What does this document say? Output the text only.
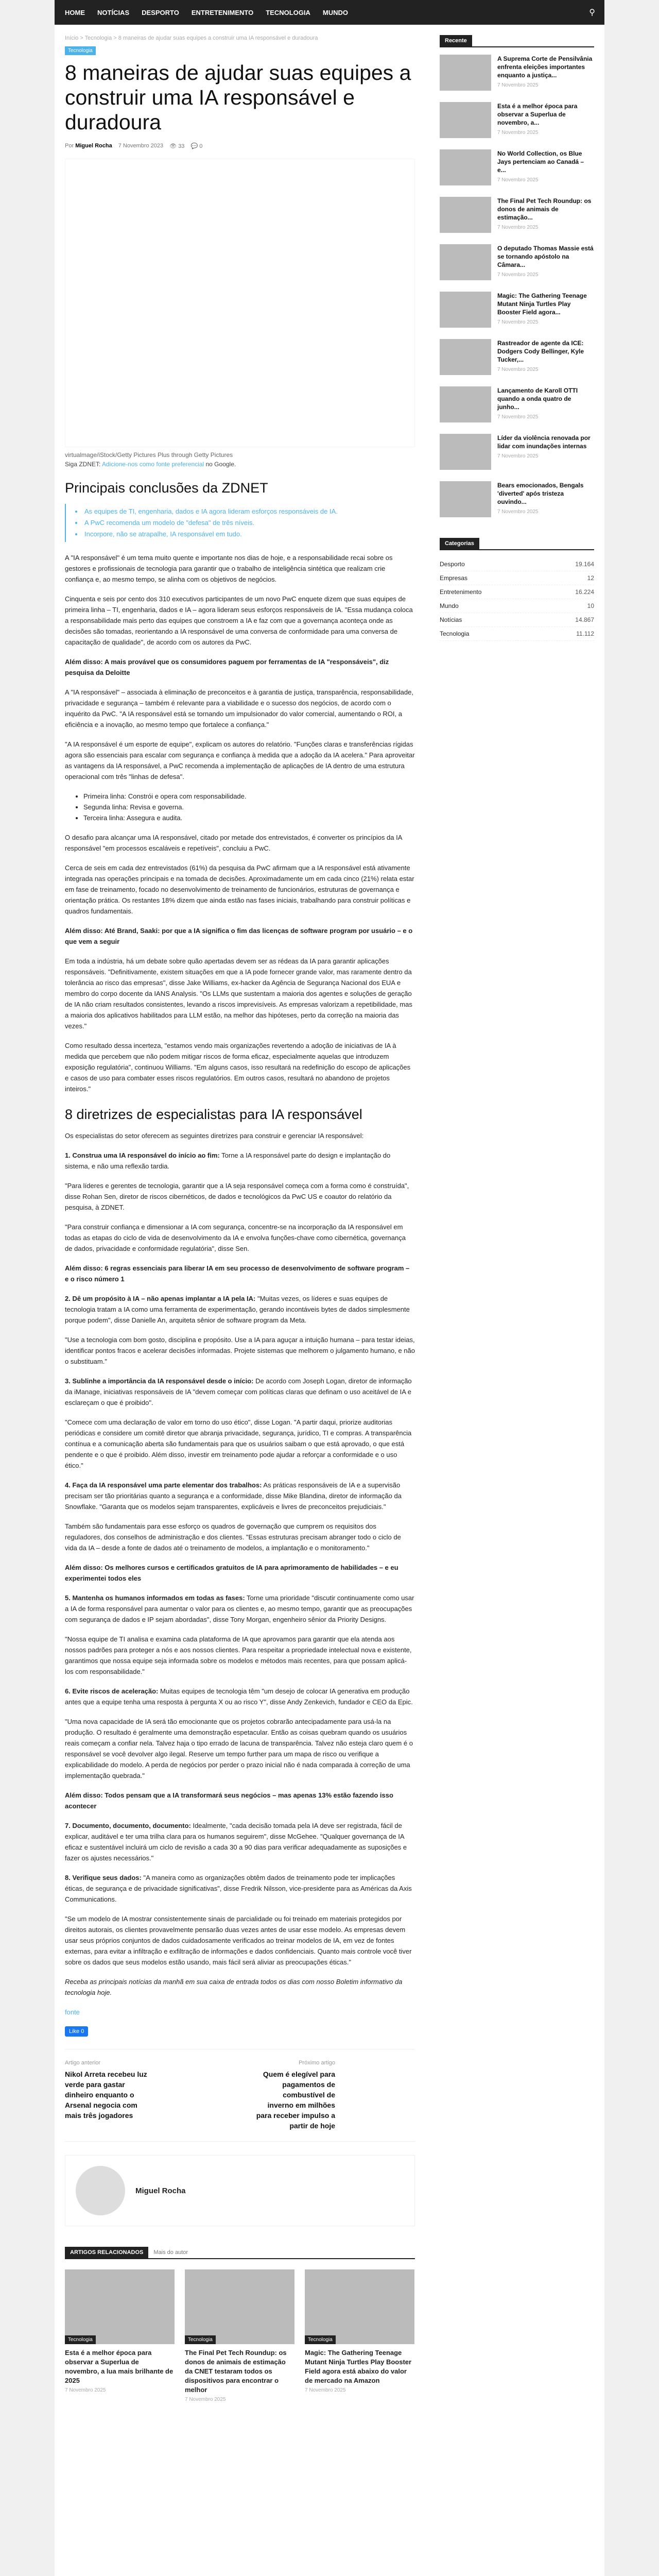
HOME NOTÍCIAS DESPORTO ENTRETENIMENTO TECNOLOGIA MUNDO	⚲
Início > Tecnologia > 8 maneiras de ajudar suas equipes a construir uma IA responsável e duradoura
Tecnologia
8 maneiras de ajudar suas equipes a construir uma IA responsável e duradoura
Por Miguel Rocha 7 Novembro 2023 👁 33 💬 0
virtualmage/iStock/Getty Pictures Plus through Getty Pictures
Siga ZDNET: Adicione-nos como fonte preferencial no Google.
Principais conclusões da ZDNET
• As equipes de TI, engenharia, dados e IA agora lideram esforços responsáveis de IA.
• A PwC recomenda um modelo de "defesa" de três níveis.
• Incorpore, não se atrapalhe, IA responsável em tudo.

A "IA responsável" é um tema muito quente e importante nos dias de hoje, e a responsabilidade recai sobre os gestores e profissionais de tecnologia para garantir que o trabalho de inteligência sintética que realizam crie confiança e, ao mesmo tempo, se alinha com os objetivos de negócios.

Cinquenta e seis por cento dos 310 executivos participantes de um novo PwC enquete dizem que suas equipes de primeira linha – TI, engenharia, dados e IA – agora lideram seus esforços responsáveis de IA. "Essa mudança coloca a responsabilidade mais perto das equipes que constroem a IA e faz com que a governança aconteça onde as decisões são tomadas, reorientando a IA responsável de uma conversa de conformidade para uma conversa de capacitação de qualidade", de acordo com os autores da PwC.

Além disso: A mais provável que os consumidores paguem por ferramentas de IA "responsáveis", diz pesquisa da Deloitte

A "IA responsável" – associada à eliminação de preconceitos e à garantia de justiça, transparência, responsabilidade, privacidade e segurança – também é relevante para a viabilidade e o sucesso dos negócios, de acordo com o inquérito da PwC. "A IA responsável está se tornando um impulsionador do valor comercial, aumentando o ROI, a eficiência e a inovação, ao mesmo tempo que fortalece a confiança."

"A IA responsável é um esporte de equipe", explicam os autores do relatório. "Funções claras e transferências rígidas agora são essenciais para escalar com segurança e confiança à medida que a adoção da IA acelera." Para aproveitar as vantagens da IA responsável, a PwC recomenda a implementação de aplicações de IA dentro de uma estrutura operacional com três "linhas de defesa".

• Primeira linha: Constrói e opera com responsabilidade.
• Segunda linha: Revisa e governa.
• Terceira linha: Assegura e audita.

O desafio para alcançar uma IA responsável, citado por metade dos entrevistados, é converter os princípios da IA responsável "em processos escaláveis e repetíveis", concluiu a PwC.

Cerca de seis em cada dez entrevistados (61%) da pesquisa da PwC afirmam que a IA responsável está ativamente integrada nas operações principais e na tomada de decisões. Aproximadamente um em cada cinco (21%) relata estar em fase de treinamento, focado no desenvolvimento de treinamento de funcionários, estruturas de governança e orientação prática. Os restantes 18% dizem que ainda estão nas fases iniciais, trabalhando para construir políticas e quadros fundamentais.

Além disso: Até Brand, Saaki: por que a IA significa o fim das licenças de software program por usuário – e o que vem a seguir

Em toda a indústria, há um debate sobre quão apertadas devem ser as rédeas da IA para garantir aplicações responsáveis. "Definitivamente, existem situações em que a IA pode fornecer grande valor, mas raramente dentro da tolerância ao risco das empresas", disse Jake Williams, ex-hacker da Agência de Segurança Nacional dos EUA e membro do corpo docente da IANS Analysis. "Os LLMs que sustentam a maioria dos agentes e soluções de geração de IA não criam resultados consistentes, levando a riscos imprevisíveis. As empresas valorizam a repetibilidade, mas a maioria dos aplicativos habilitados para LLM estão, na melhor das hipóteses, perto da correção na maioria das vezes."

Como resultado dessa incerteza, "estamos vendo mais organizações revertendo a adoção de iniciativas de IA à medida que percebem que não podem mitigar riscos de forma eficaz, especialmente aquelas que introduzem exposição regulatória", continuou Williams. "Em alguns casos, isso resultará na redefinição do escopo de aplicações e casos de uso para combater esses riscos regulatórios. Em outros casos, resultará no abandono de projetos inteiros."

8 diretrizes de especialistas para IA responsável

Os especialistas do setor oferecem as seguintes diretrizes para construir e gerenciar IA responsável:

1. Construa uma IA responsável do início ao fim: Torne a IA responsável parte do design e implantação do sistema, e não uma reflexão tardia.

"Para líderes e gerentes de tecnologia, garantir que a IA seja responsável começa com a forma como é construída", disse Rohan Sen, diretor de riscos cibernéticos, de dados e tecnológicos da PwC US e coautor do relatório da pesquisa, à ZDNET.

"Para construir confiança e dimensionar a IA com segurança, concentre-se na incorporação da IA responsável em todas as etapas do ciclo de vida de desenvolvimento da IA e envolva funções-chave como cibernética, governança de dados, privacidade e conformidade regulatória", disse Sen.

Além disso: 6 regras essenciais para liberar IA em seu processo de desenvolvimento de software program – e o risco número 1

2. Dê um propósito à IA – não apenas implantar a IA pela IA: "Muitas vezes, os líderes e suas equipes de tecnologia tratam a IA como uma ferramenta de experimentação, gerando incontáveis bytes de dados simplesmente porque podem", disse Danielle An, arquiteta sênior de software program da Meta.

"Use a tecnologia com bom gosto, disciplina e propósito. Use a IA para aguçar a intuição humana – para testar ideias, identificar pontos fracos e acelerar decisões informadas. Projete sistemas que melhorem o julgamento humano, e não o substituam."

3. Sublinhe a importância da IA responsável desde o início: De acordo com Joseph Logan, diretor de informação da iManage, iniciativas responsáveis de IA "devem começar com políticas claras que definam o uso aceitável de IA e esclareçam o que é proibido".

"Comece com uma declaração de valor em torno do uso ético", disse Logan. "A partir daqui, priorize auditorias periódicas e considere um comitê diretor que abranja privacidade, segurança, jurídico, TI e compras. A transparência contínua e a comunicação aberta são fundamentais para que os usuários saibam o que está aprovado, o que está pendente e o que é proibido. Além disso, investir em treinamento pode ajudar a reforçar a conformidade e o uso ético."

4. Faça da IA responsável uma parte elementar dos trabalhos: As práticas responsáveis de IA e a supervisão precisam ser tão prioritárias quanto a segurança e a conformidade, disse Mike Blandina, diretor de informação da Snowflake. "Garanta que os modelos sejam transparentes, explicáveis e livres de preconceitos prejudiciais."

Também são fundamentais para esse esforço os quadros de governação que cumprem os requisitos dos reguladores, dos conselhos de administração e dos clientes. "Essas estruturas precisam abranger todo o ciclo de vida da IA – desde a fonte de dados até o treinamento de modelos, a implantação e o monitoramento."

Além disso: Os melhores cursos e certificados gratuitos de IA para aprimoramento de habilidades – e eu experimentei todos eles

5. Mantenha os humanos informados em todas as fases: Torne uma prioridade "discutir continuamente como usar a IA de forma responsável para aumentar o valor para os clientes e, ao mesmo tempo, garantir que as preocupações com segurança de dados e IP sejam abordadas", disse Tony Morgan, engenheiro sênior da Priority Designs.

"Nossa equipe de TI analisa e examina cada plataforma de IA que aprovamos para garantir que ela atenda aos nossos padrões para proteger a nós e aos nossos clientes. Para respeitar a propriedade intelectual nova e existente, garantimos que nossa equipe seja informada sobre os modelos e métodos mais recentes, para que possam aplicá-los com responsabilidade."

6. Evite riscos de aceleração: Muitas equipes de tecnologia têm "um desejo de colocar IA generativa em produção antes que a equipe tenha uma resposta à pergunta X ou ao risco Y", disse Andy Zenkevich, fundador e CEO da Epic.

"Uma nova capacidade de IA será tão emocionante que os projetos cobrarão antecipadamente para usá-la na produção. O resultado é geralmente uma demonstração espetacular. Então as coisas quebram quando os usuários reais começam a confiar nela. Talvez haja o tipo errado de lacuna de transparência. Talvez não esteja claro quem é o responsável se você devolver algo ilegal. Reserve um tempo further para um mapa de risco ou verifique a explicabilidade do modelo. A perda de negócios por perder o prazo inicial não é nada comparada à correção de uma implementação quebrada."

Além disso: Todos pensam que a IA transformará seus negócios – mas apenas 13% estão fazendo isso acontecer

7. Documento, documento, documento: Idealmente, "cada decisão tomada pela IA deve ser registrada, fácil de explicar, auditável e ter uma trilha clara para os humanos seguirem", disse McGehee. "Qualquer governança de IA eficaz e sustentável incluirá um ciclo de revisão a cada 30 a 90 dias para verificar adequadamente as suposições e fazer os ajustes necessários."

8. Verifique seus dados: "A maneira como as organizações obtêm dados de treinamento pode ter implicações éticas, de segurança e de privacidade significativas", disse Fredrik Nilsson, vice-presidente para as Américas da Axis Communications.

"Se um modelo de IA mostrar consistentemente sinais de parcialidade ou foi treinado em materiais protegidos por direitos autorais, os clientes provavelmente pensarão duas vezes antes de usar esse modelo. As empresas devem usar seus próprios conjuntos de dados cuidadosamente verificados ao treinar modelos de IA, em vez de fontes externas, para evitar a infiltração e exfiltração de informações e dados confidenciais. Quanto mais controle você tiver sobre os dados que seus modelos estão usando, mais fácil será aliviar as preocupações éticas."

Receba as principais notícias da manhã em sua caixa de entrada todos os dias com nosso Boletim informativo da tecnologia hoje.

fonte

Like 0
Artigo anterior
Nikol Arreta recebeu luz verde para gastar dinheiro enquanto o Arsenal negocia com mais três jogadores
Próximo artigo
Quem é elegível para pagamentos de combustível de inverno em milhões para receber impulso a partir de hoje
Miguel Rocha
ARTIGOS RELACIONADOS	Mais do autor
Tecnologia
Esta é a melhor época para observar a Superlua de novembro, a lua mais brilhante de 2025
7 Novembro 2025
Tecnologia
The Final Pet Tech Roundup: os donos de animais de estimação da CNET testaram todos os dispositivos para encontrar o melhor
7 Novembro 2025
Tecnologia
Magic: The Gathering Teenage Mutant Ninja Turtles Play Booster Field agora está abaixo do valor de mercado na Amazon
7 Novembro 2025
Recente
A Suprema Corte de Pensilvânia enfrenta eleições importantes enquanto a justiça...
7 Novembro 2025
Esta é a melhor época para observar a Superlua de novembro, a...
7 Novembro 2025
No World Collection, os Blue Jays pertenciam ao Canadá – e...
7 Novembro 2025
The Final Pet Tech Roundup: os donos de animais de estimação...
7 Novembro 2025
O deputado Thomas Massie está se tornando apóstolo na Câmara...
7 Novembro 2025
Magic: The Gathering Teenage Mutant Ninja Turtles Play Booster Field agora...
7 Novembro 2025
Rastreador de agente da ICE: Dodgers Cody Bellinger, Kyle Tucker,...
7 Novembro 2025
Lançamento de Karoll OTTI quando a onda quatro de junho...
7 Novembro 2025
Líder da violência renovada por lidar com inundações internas
7 Novembro 2025
Bears emocionados, Bengals 'diverted' após tristeza ouvindo...
7 Novembro 2025
Categorias
Desporto	19.164
Empresas	12
Entretenimento	16.224
Mundo	10
Notícias	14.867
Tecnologia	11.112
